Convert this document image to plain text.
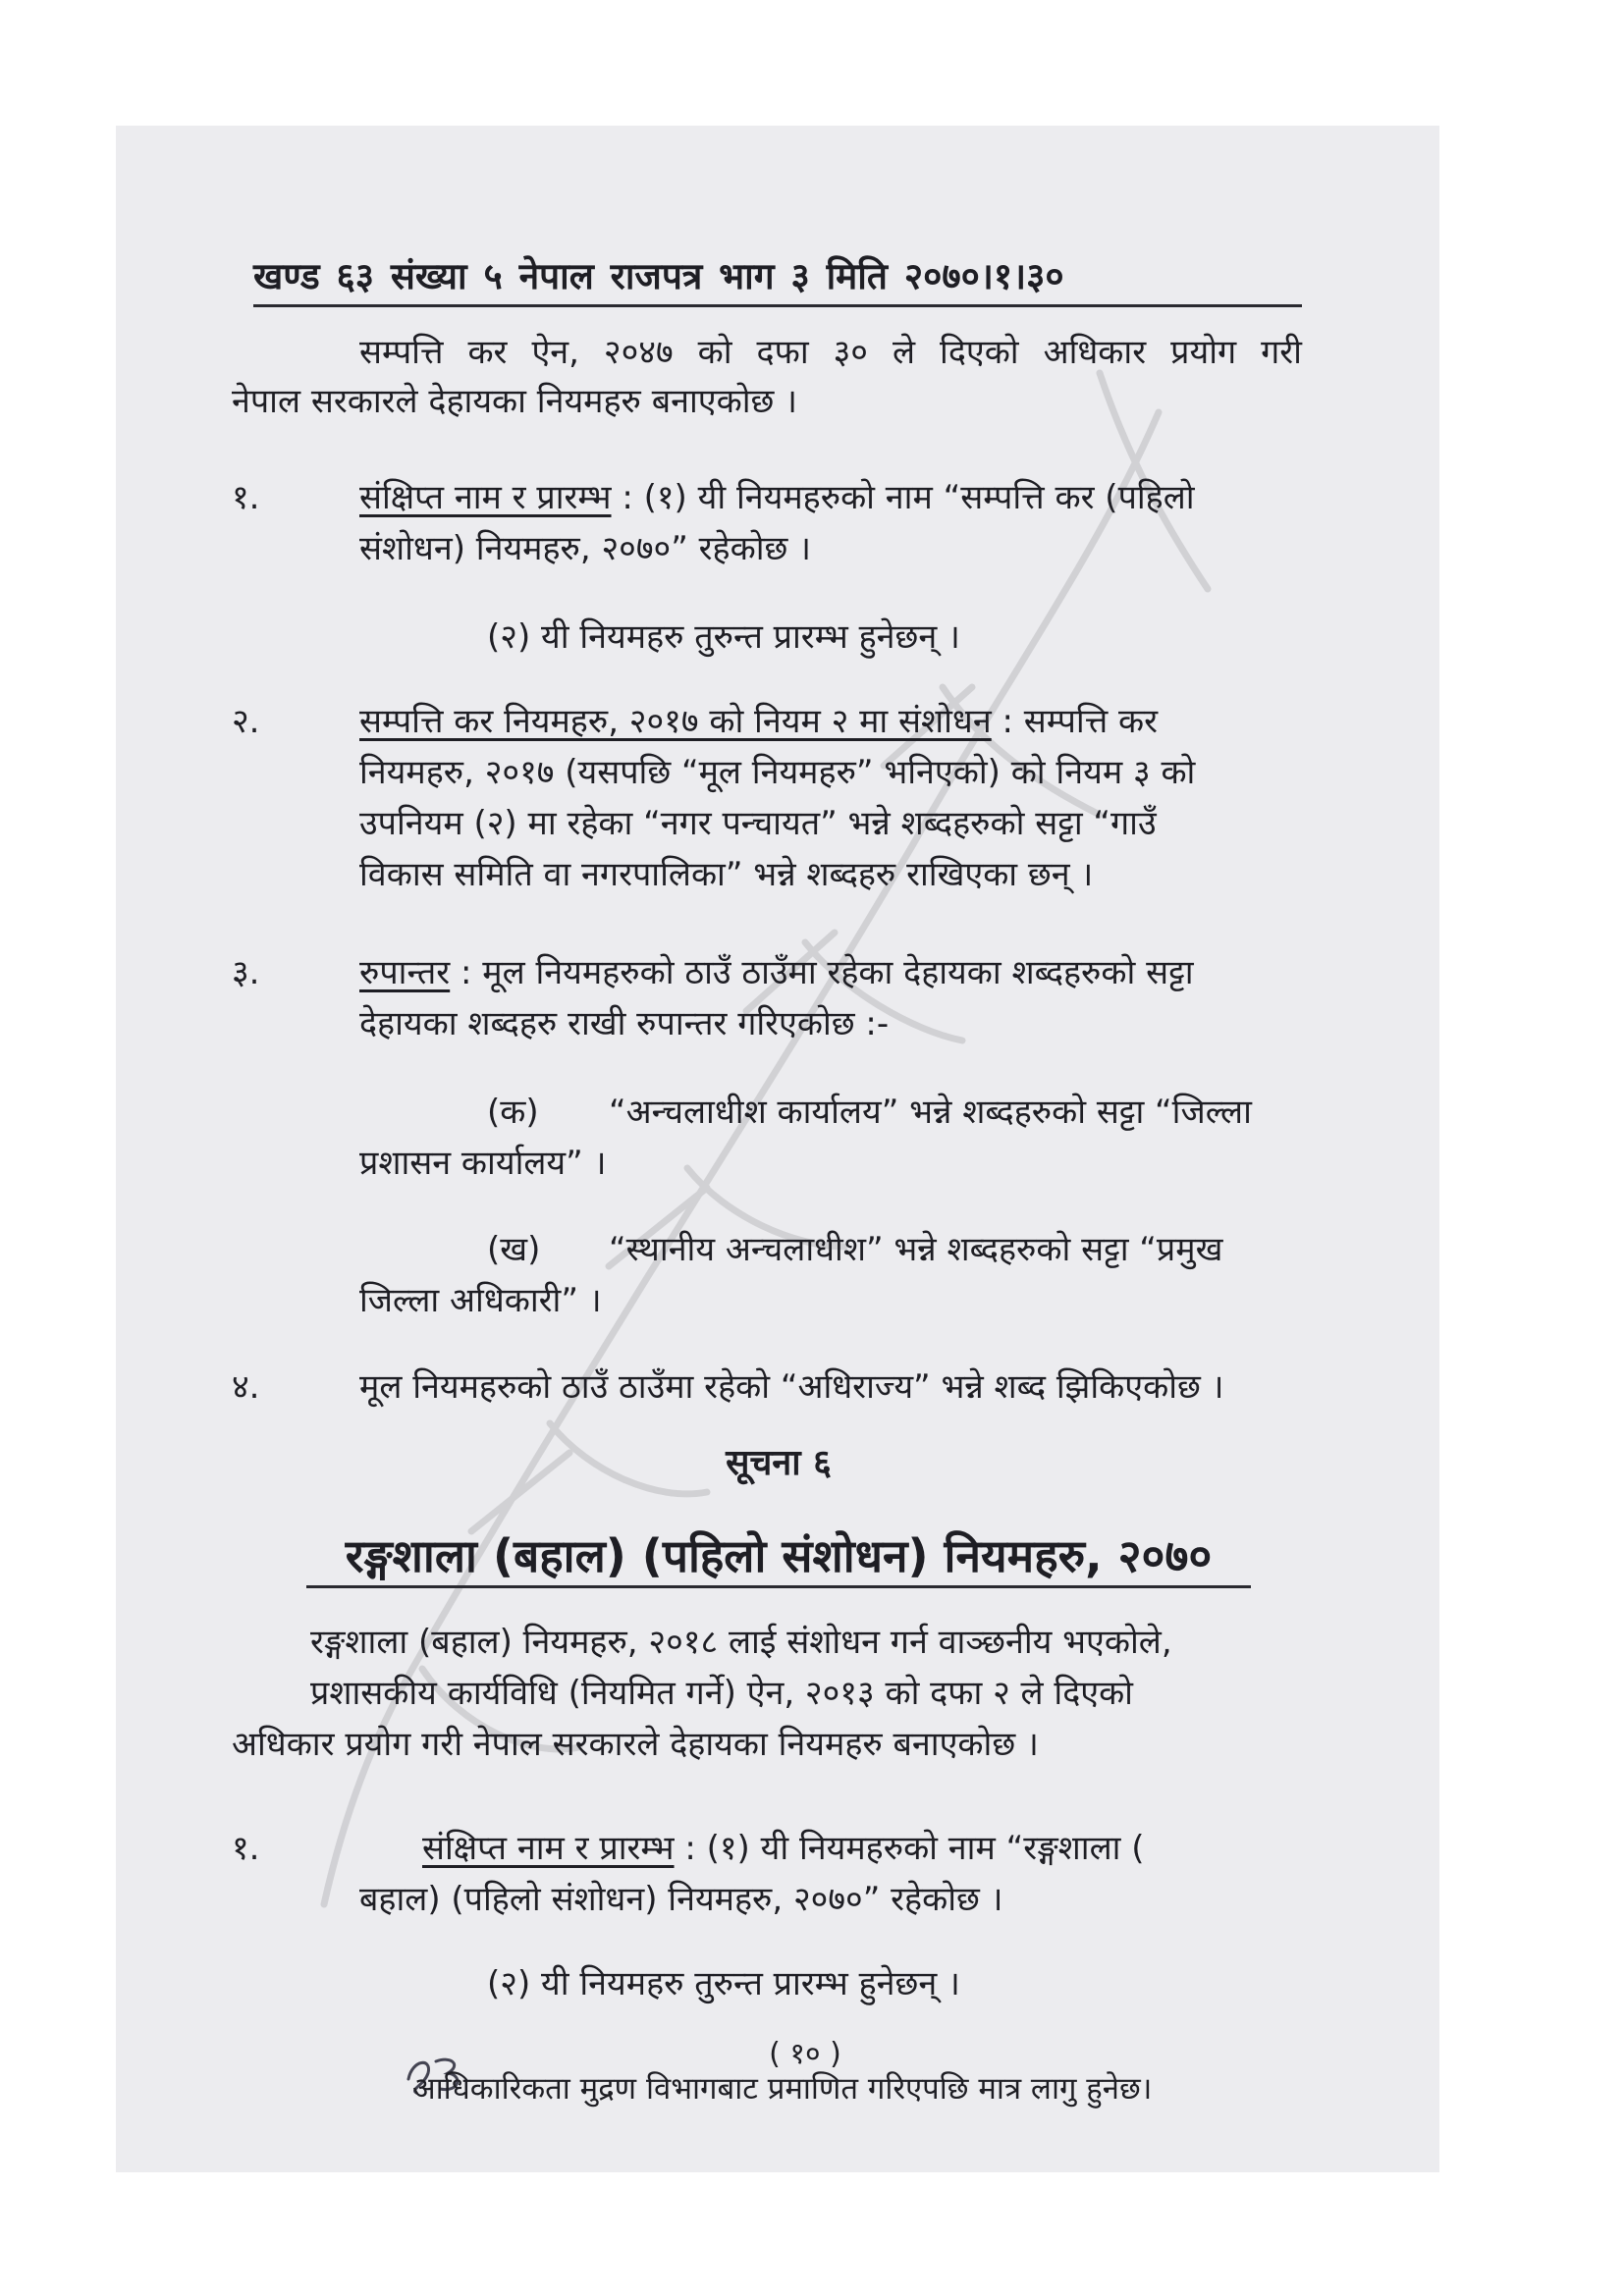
खण्ड ६३ संख्या ५ नेपाल राजपत्र भाग ३ मिति २०७०।१।३०
सम्पत्ति कर ऐन, २०४७ को दफा ३० ले दिएको अधिकार प्रयोग गरी
नेपाल सरकारले देहायका नियमहरु बनाएकोछ ।
१.	संक्षिप्त नाम र प्रारम्भ : (१) यी नियमहरुको नाम “सम्पत्ति कर (पहिलो
संशोधन) नियमहरु, २०७०” रहेकोछ ।
(२) यी नियमहरु तुरुन्त प्रारम्भ हुनेछन् ।
२.	सम्पत्ति कर नियमहरु, २०१७ को नियम २ मा संशोधन : सम्पत्ति कर
नियमहरु, २०१७ (यसपछि “मूल नियमहरु” भनिएको) को नियम ३ को
उपनियम (२) मा रहेका “नगर पन्चायत” भन्ने शब्दहरुको सट्टा “गाउँ
विकास समिति वा नगरपालिका” भन्ने शब्दहरु राखिएका छन् ।
३.	रुपान्तर : मूल नियमहरुको ठाउँ ठाउँमा रहेका देहायका शब्दहरुको सट्टा
देहायका शब्दहरु राखी रुपान्तर गरिएकोछ :-
(क) “अन्चलाधीश कार्यालय” भन्ने शब्दहरुको सट्टा “जिल्ला
प्रशासन कार्यालय” ।
(ख) “स्थानीय अन्चलाधीश” भन्ने शब्दहरुको सट्टा “प्रमुख
जिल्ला अधिकारी” ।
४.	मूल नियमहरुको ठाउँ ठाउँमा रहेको “अधिराज्य” भन्ने शब्द झिकिएकोछ ।
सूचना ६
रङ्गशाला (बहाल) (पहिलो संशोधन) नियमहरु, २०७०
रङ्गशाला (बहाल) नियमहरु, २०१८ लाई संशोधन गर्न वाञ्छनीय भएकोले,
प्रशासकीय कार्यविधि (नियमित गर्ने) ऐन, २०१३ को दफा २ ले दिएको
अधिकार प्रयोग गरी नेपाल सरकारले देहायका नियमहरु बनाएकोछ ।
१.	संक्षिप्त नाम र प्रारम्भ : (१) यी नियमहरुको नाम “रङ्गशाला (
बहाल) (पहिलो संशोधन) नियमहरु, २०७०” रहेकोछ ।
(२) यी नियमहरु तुरुन्त प्रारम्भ हुनेछन् ।
( १० )
आधिकारिकता मुद्रण विभागबाट प्रमाणित गरिएपछि मात्र लागु हुनेछ।
